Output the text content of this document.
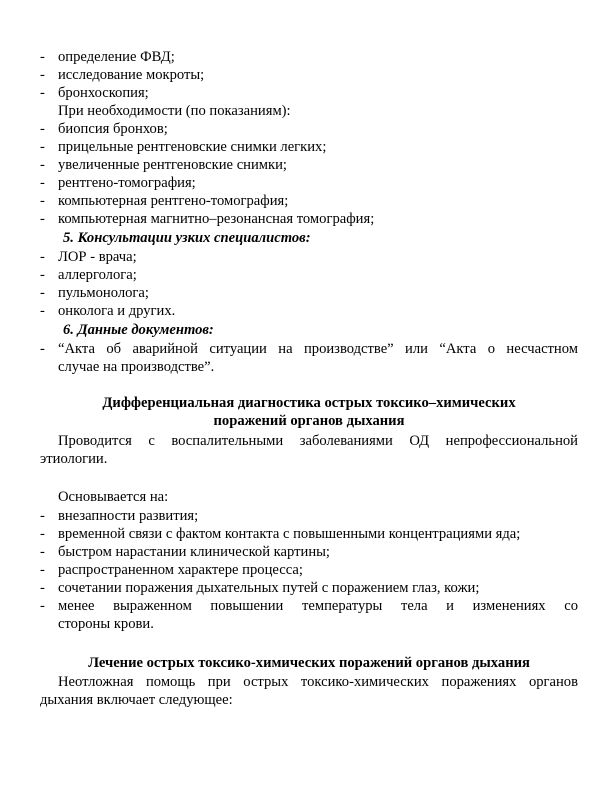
- определение ФВД;
- исследование мокроты;
- бронхоскопия;
При необходимости (по показаниям):
- биопсия бронхов;
- прицельные рентгеновские снимки легких;
- увеличенные рентгеновские снимки;
- рентгено-томография;
- компьютерная рентгено-томография;
- компьютерная магнитно–резонансная томография;
5. Консультации узких специалистов:
- ЛОР - врача;
- аллерголога;
- пульмонолога;
- онколога и других.
6. Данные документов:
- “Акта об аварийной ситуации на производстве” или “Акта о несчастном
случае на производстве”.
Дифференциальная диагностика острых токсико–химических
поражений органов дыхания
Проводится с воспалительными заболеваниями ОД непрофессиональной
этиологии.
Основывается на:
- внезапности развития;
- временной связи с фактом контакта с повышенными концентрациями яда;
- быстром нарастании клинической картины;
- распространенном характере процесса;
- сочетании поражения дыхательных путей с поражением глаз, кожи;
- менее выраженном повышении температуры тела и изменениях со
стороны крови.
Лечение острых токсико-химических поражений органов дыхания
Неотложная помощь при острых токсико-химических поражениях органов
дыхания включает следующее:
